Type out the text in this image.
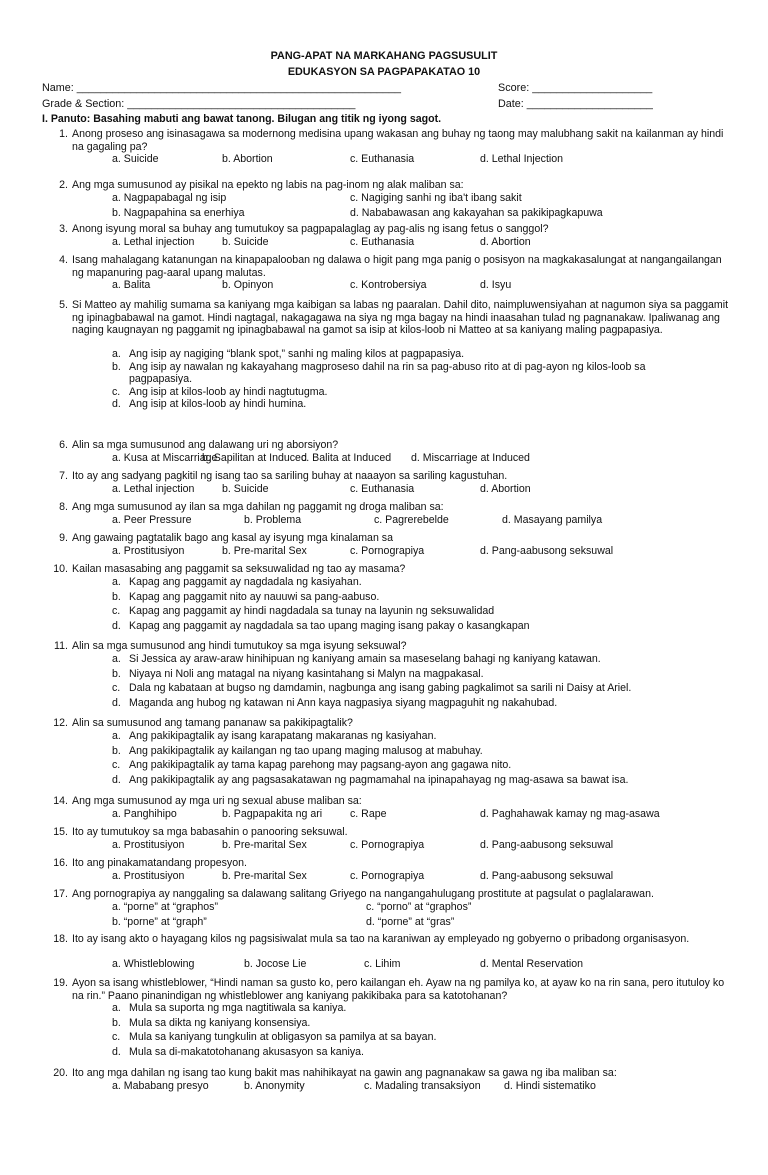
PANG-APAT NA MARKAHANG PAGSUSULIT
EDUKASYON SA PAGPAPAKATAO 10
Name: ______________________________________________________	Score: ____________________
Grade & Section: ______________________________________	Date: _____________________
I. Panuto: Basahing mabuti ang bawat tanong. Bilugan ang titik ng iyong sagot.
1. Anong proseso ang isinasagawa sa modernong medisina upang wakasan ang buhay ng taong may malubhang sakit na kailanman ay hindi na gagaling pa?
a. Suicide	b. Abortion	c. Euthanasia	d. Lethal Injection
2. Ang mga sumusunod ay pisikal na epekto ng labis na pag-inom ng alak maliban sa:
a. Nagpapabagal ng isip	c. Nagiging sanhi ng iba't ibang sakit
b. Nagpapahina sa enerhiya	d. Nababawasan ang kakayahan sa pakikipagkapuwa
3. Anong isyung moral sa buhay ang tumutukoy sa pagpapalaglag ay pag-alis ng isang fetus o sanggol?
a. Lethal injection	b. Suicide	c. Euthanasia	d. Abortion
4. Isang mahalagang katanungan na kinapapalooban ng dalawa o higit pang mga panig o posisyon na magkakasalungat at nangangailangan ng mapanuring pag-aaral upang malutas.
a. Balita	b. Opinyon	c. Kontrobersiya	d. Isyu
5. Si Matteo ay mahilig sumama sa kaniyang mga kaibigan sa labas ng paaralan. Dahil dito, naimpluwensiyahan at nagumon siya sa paggamit ng ipinagbabawal na gamot. Hindi nagtagal, nakagagawa na siya ng mga bagay na hindi inaasahan tulad ng pagnanakaw. Ipaliwanag ang naging kaugnayan ng paggamit ng ipinagbabawal na gamot sa isip at kilos-loob ni Matteo at sa kaniyang maling pagpapasiya.
a. Ang isip ay nagiging “blank spot,” sanhi ng maling kilos at pagpapasiya.
b. Ang isip ay nawalan ng kakayahang magproseso dahil na rin sa pag-abuso rito at di pag-ayon ng kilos-loob sa pagpapasiya.
c. Ang isip at kilos-loob ay hindi nagtutugma.
d. Ang isip at kilos-loob ay hindi humina.
6. Alin sa mga sumusunod ang dalawang uri ng aborsiyon?
a. Kusa at Miscarriage
b. Sapilitan at Induced
c. Balita at Induced d. Miscarriage at Induced
7. Ito ay ang sadyang pagkitil ng isang tao sa sariling buhay at naaayon sa sariling kagustuhan.
a. Lethal injection	b. Suicide	c. Euthanasia	d. Abortion
8. Ang mga sumusunod ay ilan sa mga dahilan ng paggamit ng droga maliban sa:
a. Peer Pressure	b. Problema	c. Pagrerebelde	d. Masayang pamilya
9. Ang gawaing pagtatalik bago ang kasal ay isyung mga kinalaman sa
a. Prostitusiyon	b. Pre-marital Sex	c. Pornograpiya	d. Pang-aabusong seksuwal
10. Kailan masasabing ang paggamit sa seksuwalidad ng tao ay masama?
a. Kapag ang paggamit ay nagdadala ng kasiyahan.
b. Kapag ang paggamit nito ay nauuwi sa pang-aabuso.
c. Kapag ang paggamit ay hindi nagdadala sa tunay na layunin ng seksuwalidad
d. Kapag ang paggamit ay nagdadala sa tao upang maging isang pakay o kasangkapan
11. Alin sa mga sumusunod ang hindi tumutukoy sa mga isyung seksuwal?
a. Si Jessica ay araw-araw hinihipuan ng kaniyang amain sa maseselang bahagi ng kaniyang katawan.
b. Niyaya ni Noli ang matagal na niyang kasintahang si Malyn na magpakasal.
c. Dala ng kabataan at bugso ng damdamin, nagbunga ang isang gabing pagkalimot sa sarili ni Daisy at Ariel.
d. Maganda ang hubog ng katawan ni Ann kaya nagpasiya siyang magpaguhit ng nakahubad.
12. Alin sa sumusunod ang tamang pananaw sa pakikipagtalik?
a. Ang pakikipagtalik ay isang karapatang makaranas ng kasiyahan.
b. Ang pakikipagtalik ay kailangan ng tao upang maging malusog at mabuhay.
c. Ang pakikipagtalik ay tama kapag parehong may pagsang-ayon ang gagawa nito.
d. Ang pakikipagtalik ay ang pagsasakatawan ng pagmamahal na ipinapahayag ng mag-asawa sa bawat isa.
14. Ang mga sumusunod ay mga uri ng sexual abuse maliban sa:
a. Panghihipo	b. Pagpapakita ng ari	c. Rape	d. Paghahawak kamay ng mag-asawa
15. Ito ay tumutukoy sa mga babasahin o panooring seksuwal.
a. Prostitusiyon	b. Pre-marital Sex	c. Pornograpiya	d. Pang-aabusong seksuwal
16. Ito ang pinakamatandang propesyon.
a. Prostitusiyon	b. Pre-marital Sex	c. Pornograpiya	d. Pang-aabusong seksuwal
17. Ang pornograpiya ay nanggaling sa dalawang salitang Griyego na nangangahulugang prostitute at pagsulat o paglalarawan.
a. “porne” at “graphos”	c. “porno” at “graphos”
b. “porne” at “graph”	d. “porne” at “gras”
18. Ito ay isang akto o hayagang kilos ng pagsisiwalat mula sa tao na karaniwan ay empleyado ng gobyerno o pribadong organisasyon.
a. Whistleblowing	b. Jocose Lie	c. Lihim	d. Mental Reservation
19. Ayon sa isang whistleblower, “Hindi naman sa gusto ko, pero kailangan eh. Ayaw na ng pamilya ko, at ayaw ko na rin sana, pero itutuloy ko na rin.” Paano pinanindigan ng whistleblower ang kaniyang pakikibaka para sa katotohanan?
a. Mula sa suporta ng mga nagtitiwala sa kaniya.
b. Mula sa dikta ng kaniyang konsensiya.
c. Mula sa kaniyang tungkulin at obligasyon sa pamilya at sa bayan.
d. Mula sa di-makatotohanang akusasyon sa kaniya.
20. Ito ang mga dahilan ng isang tao kung bakit mas nahihikayat na gawin ang pagnanakaw sa gawa ng iba maliban sa:
a. Mababang presyo	b. Anonymity	c. Madaling transaksiyon d. Hindi sistematiko
